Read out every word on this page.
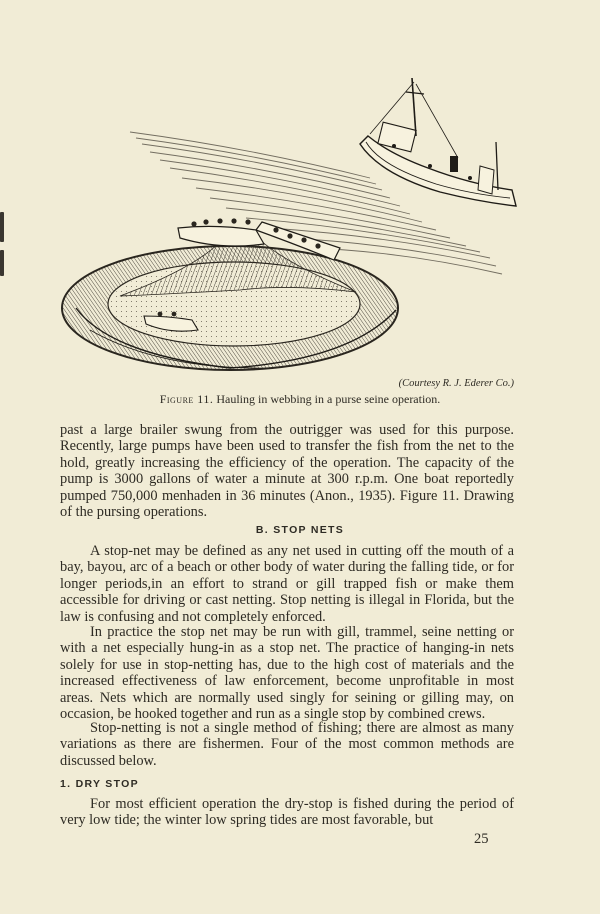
(Courtesy R. J. Ederer Co.)
Figure 11. Hauling in webbing in a purse seine operation.

past a large brailer swung from the outrigger was used for this purpose. Recently, large pumps have been used to transfer the fish from the net to the hold, greatly increasing the efficiency of the operation. The capacity of the pump is 3000 gallons of water a minute at 300 r.p.m. One boat reportedly pumped 750,000 menhaden in 36 minutes (Anon., 1935). Figure 11. Drawing of the pursing operations.

B. STOP NETS

A stop-net may be defined as any net used in cutting off the mouth of a bay, bayou, arc of a beach or other body of water during the falling tide, or for longer periods,in an effort to strand or gill trapped fish or make them accessible for driving or cast netting. Stop netting is illegal in Florida, but the law is confusing and not completely enforced.

In practice the stop net may be run with gill, trammel, seine netting or with a net especially hung-in as a stop net. The practice of hanging-in nets solely for use in stop-netting has, due to the high cost of materials and the increased effectiveness of law enforcement, become unprofitable in most areas. Nets which are normally used singly for seining or gilling may, on occasion, be hooked together and run as a single stop by combined crews.

Stop-netting is not a single method of fishing; there are almost as many variations as there are fishermen. Four of the most common methods are discussed below.

1. DRY STOP

For most efficient operation the dry-stop is fished during the period of very low tide; the winter low spring tides are most favorable, but

25
